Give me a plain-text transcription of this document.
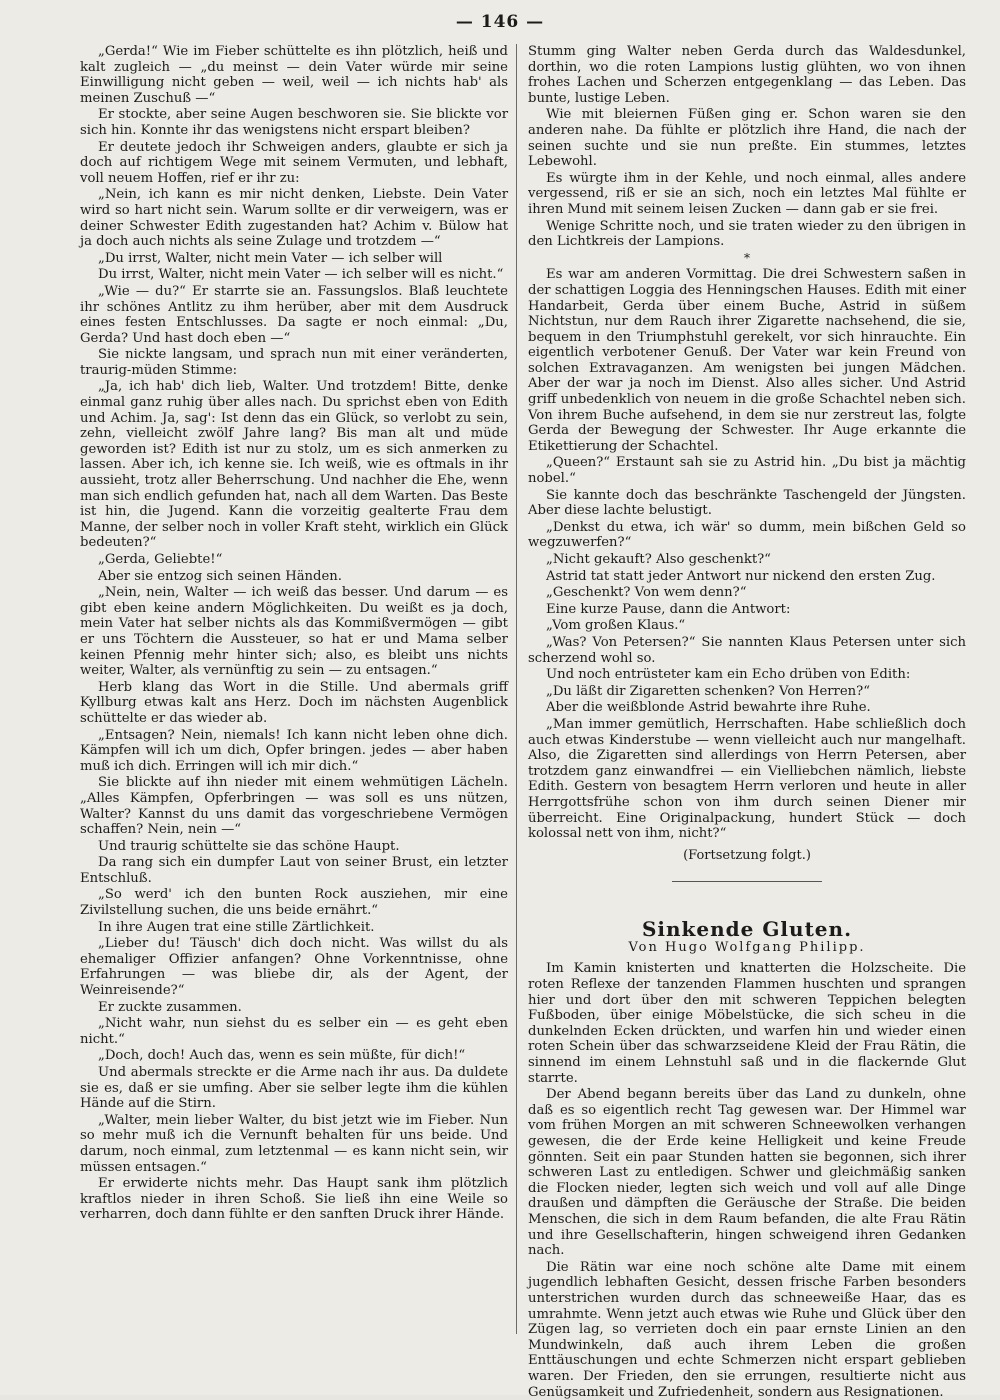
— 146 —

„Gerda!“ Wie im Fieber schüttelte es ihn plötzlich, heiß und kalt zugleich — „du meinst — dein Vater würde mir seine Einwilligung nicht geben — weil, weil — ich nichts hab' als meinen Zuschuß —“

Er stockte, aber seine Augen beschworen sie. Sie blickte vor sich hin. Konnte ihr das wenigstens nicht erspart bleiben?

Er deutete jedoch ihr Schweigen anders, glaubte er sich ja doch auf richtigem Wege mit seinem Vermuten, und lebhaft, voll neuem Hoffen, rief er ihr zu:

„Nein, ich kann es mir nicht denken, Liebste. Dein Vater wird so hart nicht sein. Warum sollte er dir verweigern, was er deiner Schwester Edith zugestanden hat? Achim v. Bülow hat ja doch auch nichts als seine Zulage und trotzdem —“

„Du irrst, Walter, nicht mein Vater — ich selber will

Du irrst, Walter, nicht mein Vater — ich selber will es nicht.“

„Wie — du?“ Er starrte sie an. Fassungslos. Blaß leuchtete ihr schönes Antlitz zu ihm herüber, aber mit dem Ausdruck eines festen Entschlusses. Da sagte er noch einmal: „Du, Gerda? Und hast doch eben —“

Sie nickte langsam, und sprach nun mit einer veränderten, traurig-müden Stimme:

„Ja, ich hab' dich lieb, Walter. Und trotzdem! Bitte, denke einmal ganz ruhig über alles nach. Du sprichst eben von Edith und Achim. Ja, sag': Ist denn das ein Glück, so verlobt zu sein, zehn, vielleicht zwölf Jahre lang? Bis man alt und müde geworden ist? Edith ist nur zu stolz, um es sich anmerken zu lassen. Aber ich, ich kenne sie. Ich weiß, wie es oftmals in ihr aussieht, trotz aller Beherrschung. Und nachher die Ehe, wenn man sich endlich gefunden hat, nach all dem Warten. Das Beste ist hin, die Jugend. Kann die vorzeitig gealterte Frau dem Manne, der selber noch in voller Kraft steht, wirklich ein Glück bedeuten?“

„Gerda, Geliebte!“

Aber sie entzog sich seinen Händen.

„Nein, nein, Walter — ich weiß das besser. Und darum — es gibt eben keine andern Möglichkeiten. Du weißt es ja doch, mein Vater hat selber nichts als das Kommißvermögen — gibt er uns Töchtern die Aussteuer, so hat er und Mama selber keinen Pfennig mehr hinter sich; also, es bleibt uns nichts weiter, Walter, als vernünftig zu sein — zu entsagen.“

Herb klang das Wort in die Stille. Und abermals griff Kyllburg etwas kalt ans Herz. Doch im nächsten Augenblick schüttelte er das wieder ab.

„Entsagen? Nein, niemals! Ich kann nicht leben ohne dich. Kämpfen will ich um dich, Opfer bringen. jedes — aber haben muß ich dich. Erringen will ich mir dich.“

Sie blickte auf ihn nieder mit einem wehmütigen Lächeln. „Alles Kämpfen, Opferbringen — was soll es uns nützen, Walter? Kannst du uns damit das vorgeschriebene Vermögen schaffen? Nein, nein —“

Und traurig schüttelte sie das schöne Haupt.

Da rang sich ein dumpfer Laut von seiner Brust, ein letzter Entschluß.

„So werd' ich den bunten Rock ausziehen, mir eine Zivilstellung suchen, die uns beide ernährt.“

In ihre Augen trat eine stille Zärtlichkeit.

„Lieber du! Täusch' dich doch nicht. Was willst du als ehemaliger Offizier anfangen? Ohne Vorkenntnisse, ohne Erfahrungen — was bliebe dir, als der Agent, der Weinreisende?“

Er zuckte zusammen.

„Nicht wahr, nun siehst du es selber ein — es geht eben nicht.“

„Doch, doch! Auch das, wenn es sein müßte, für dich!“

Und abermals streckte er die Arme nach ihr aus. Da duldete sie es, daß er sie umfing. Aber sie selber legte ihm die kühlen Hände auf die Stirn.

„Walter, mein lieber Walter, du bist jetzt wie im Fieber. Nun so mehr muß ich die Vernunft behalten für uns beide. Und darum, noch einmal, zum letztenmal — es kann nicht sein, wir müssen entsagen.“

Er erwiderte nichts mehr. Das Haupt sank ihm plötzlich kraftlos nieder in ihren Schoß. Sie ließ ihn eine Weile so verharren, doch dann fühlte er den sanften Druck ihrer Hände.

Stumm ging Walter neben Gerda durch das Waldesdunkel, dorthin, wo die roten Lampions lustig glühten, wo von ihnen frohes Lachen und Scherzen entgegenklang — das Leben. Das bunte, lustige Leben.

Wie mit bleiernen Füßen ging er. Schon waren sie den anderen nahe. Da fühlte er plötzlich ihre Hand, die nach der seinen suchte und sie nun preßte. Ein stummes, letztes Lebewohl.

Es würgte ihm in der Kehle, und noch einmal, alles andere vergessend, riß er sie an sich, noch ein letztes Mal fühlte er ihren Mund mit seinem leisen Zucken — dann gab er sie frei.

Wenige Schritte noch, und sie traten wieder zu den übrigen in den Lichtkreis der Lampions.

*

Es war am anderen Vormittag. Die drei Schwestern saßen in der schattigen Loggia des Henningschen Hauses. Edith mit einer Handarbeit, Gerda über einem Buche, Astrid in süßem Nichtstun, nur dem Rauch ihrer Zigarette nachsehend, die sie, bequem in den Triumphstuhl gerekelt, vor sich hinrauchte. Ein eigentlich verbotener Genuß. Der Vater war kein Freund von solchen Extravaganzen. Am wenigsten bei jungen Mädchen. Aber der war ja noch im Dienst. Also alles sicher. Und Astrid griff unbedenklich von neuem in die große Schachtel neben sich. Von ihrem Buche aufsehend, in dem sie nur zerstreut las, folgte Gerda der Bewegung der Schwester. Ihr Auge erkannte die Etikettierung der Schachtel.

„Queen?“ Erstaunt sah sie zu Astrid hin. „Du bist ja mächtig nobel.“

Sie kannte doch das beschränkte Taschengeld der Jüngsten. Aber diese lachte belustigt.

„Denkst du etwa, ich wär' so dumm, mein bißchen Geld so wegzuwerfen?“

„Nicht gekauft? Also geschenkt?“

Astrid tat statt jeder Antwort nur nickend den ersten Zug.

„Geschenkt? Von wem denn?“

Eine kurze Pause, dann die Antwort:

„Vom großen Klaus.“

„Was? Von Petersen?“ Sie nannten Klaus Petersen unter sich scherzend wohl so.

Und noch entrüsteter kam ein Echo drüben von Edith:

„Du läßt dir Zigaretten schenken? Von Herren?“

Aber die weißblonde Astrid bewahrte ihre Ruhe.

„Man immer gemütlich, Herrschaften. Habe schließlich doch auch etwas Kinderstube — wenn vielleicht auch nur mangelhaft. Also, die Zigaretten sind allerdings von Herrn Petersen, aber trotzdem ganz einwandfrei — ein Vielliebchen nämlich, liebste Edith. Gestern von besagtem Herrn verloren und heute in aller Herrgottsfrühe schon von ihm durch seinen Diener mir überreicht. Eine Originalpackung, hundert Stück — doch kolossal nett von ihm, nicht?“

(Fortsetzung folgt.)
Sinkende Gluten.
Von Hugo Wolfgang Philipp.

Im Kamin knisterten und knatterten die Holzscheite. Die roten Reflexe der tanzenden Flammen huschten und sprangen hier und dort über den mit schweren Teppichen belegten Fußboden, über einige Möbelstücke, die sich scheu in die dunkelnden Ecken drückten, und warfen hin und wieder einen roten Schein über das schwarzseidene Kleid der Frau Rätin, die sinnend im einem Lehnstuhl saß und in die flackernde Glut starrte.

Der Abend begann bereits über das Land zu dunkeln, ohne daß es so eigentlich recht Tag gewesen war. Der Himmel war vom frühen Morgen an mit schweren Schneewolken verhangen gewesen, die der Erde keine Helligkeit und keine Freude gönnten. Seit ein paar Stunden hatten sie begonnen, sich ihrer schweren Last zu entledigen. Schwer und gleichmäßig sanken die Flocken nieder, legten sich weich und voll auf alle Dinge draußen und dämpften die Geräusche der Straße. Die beiden Menschen, die sich in dem Raum befanden, die alte Frau Rätin und ihre Gesellschafterin, hingen schweigend ihren Gedanken nach.

Die Rätin war eine noch schöne alte Dame mit einem jugendlich lebhaften Gesicht, dessen frische Farben besonders unterstrichen wurden durch das schneeweiße Haar, das es umrahmte. Wenn jetzt auch etwas wie Ruhe und Glück über den Zügen lag, so verrieten doch ein paar ernste Linien an den Mundwinkeln, daß auch ihrem Leben die großen Enttäuschungen und echte Schmerzen nicht erspart geblieben waren. Der Frieden, den sie errungen, resultierte nicht aus Genügsamkeit und Zufriedenheit, sondern aus Resignationen.
